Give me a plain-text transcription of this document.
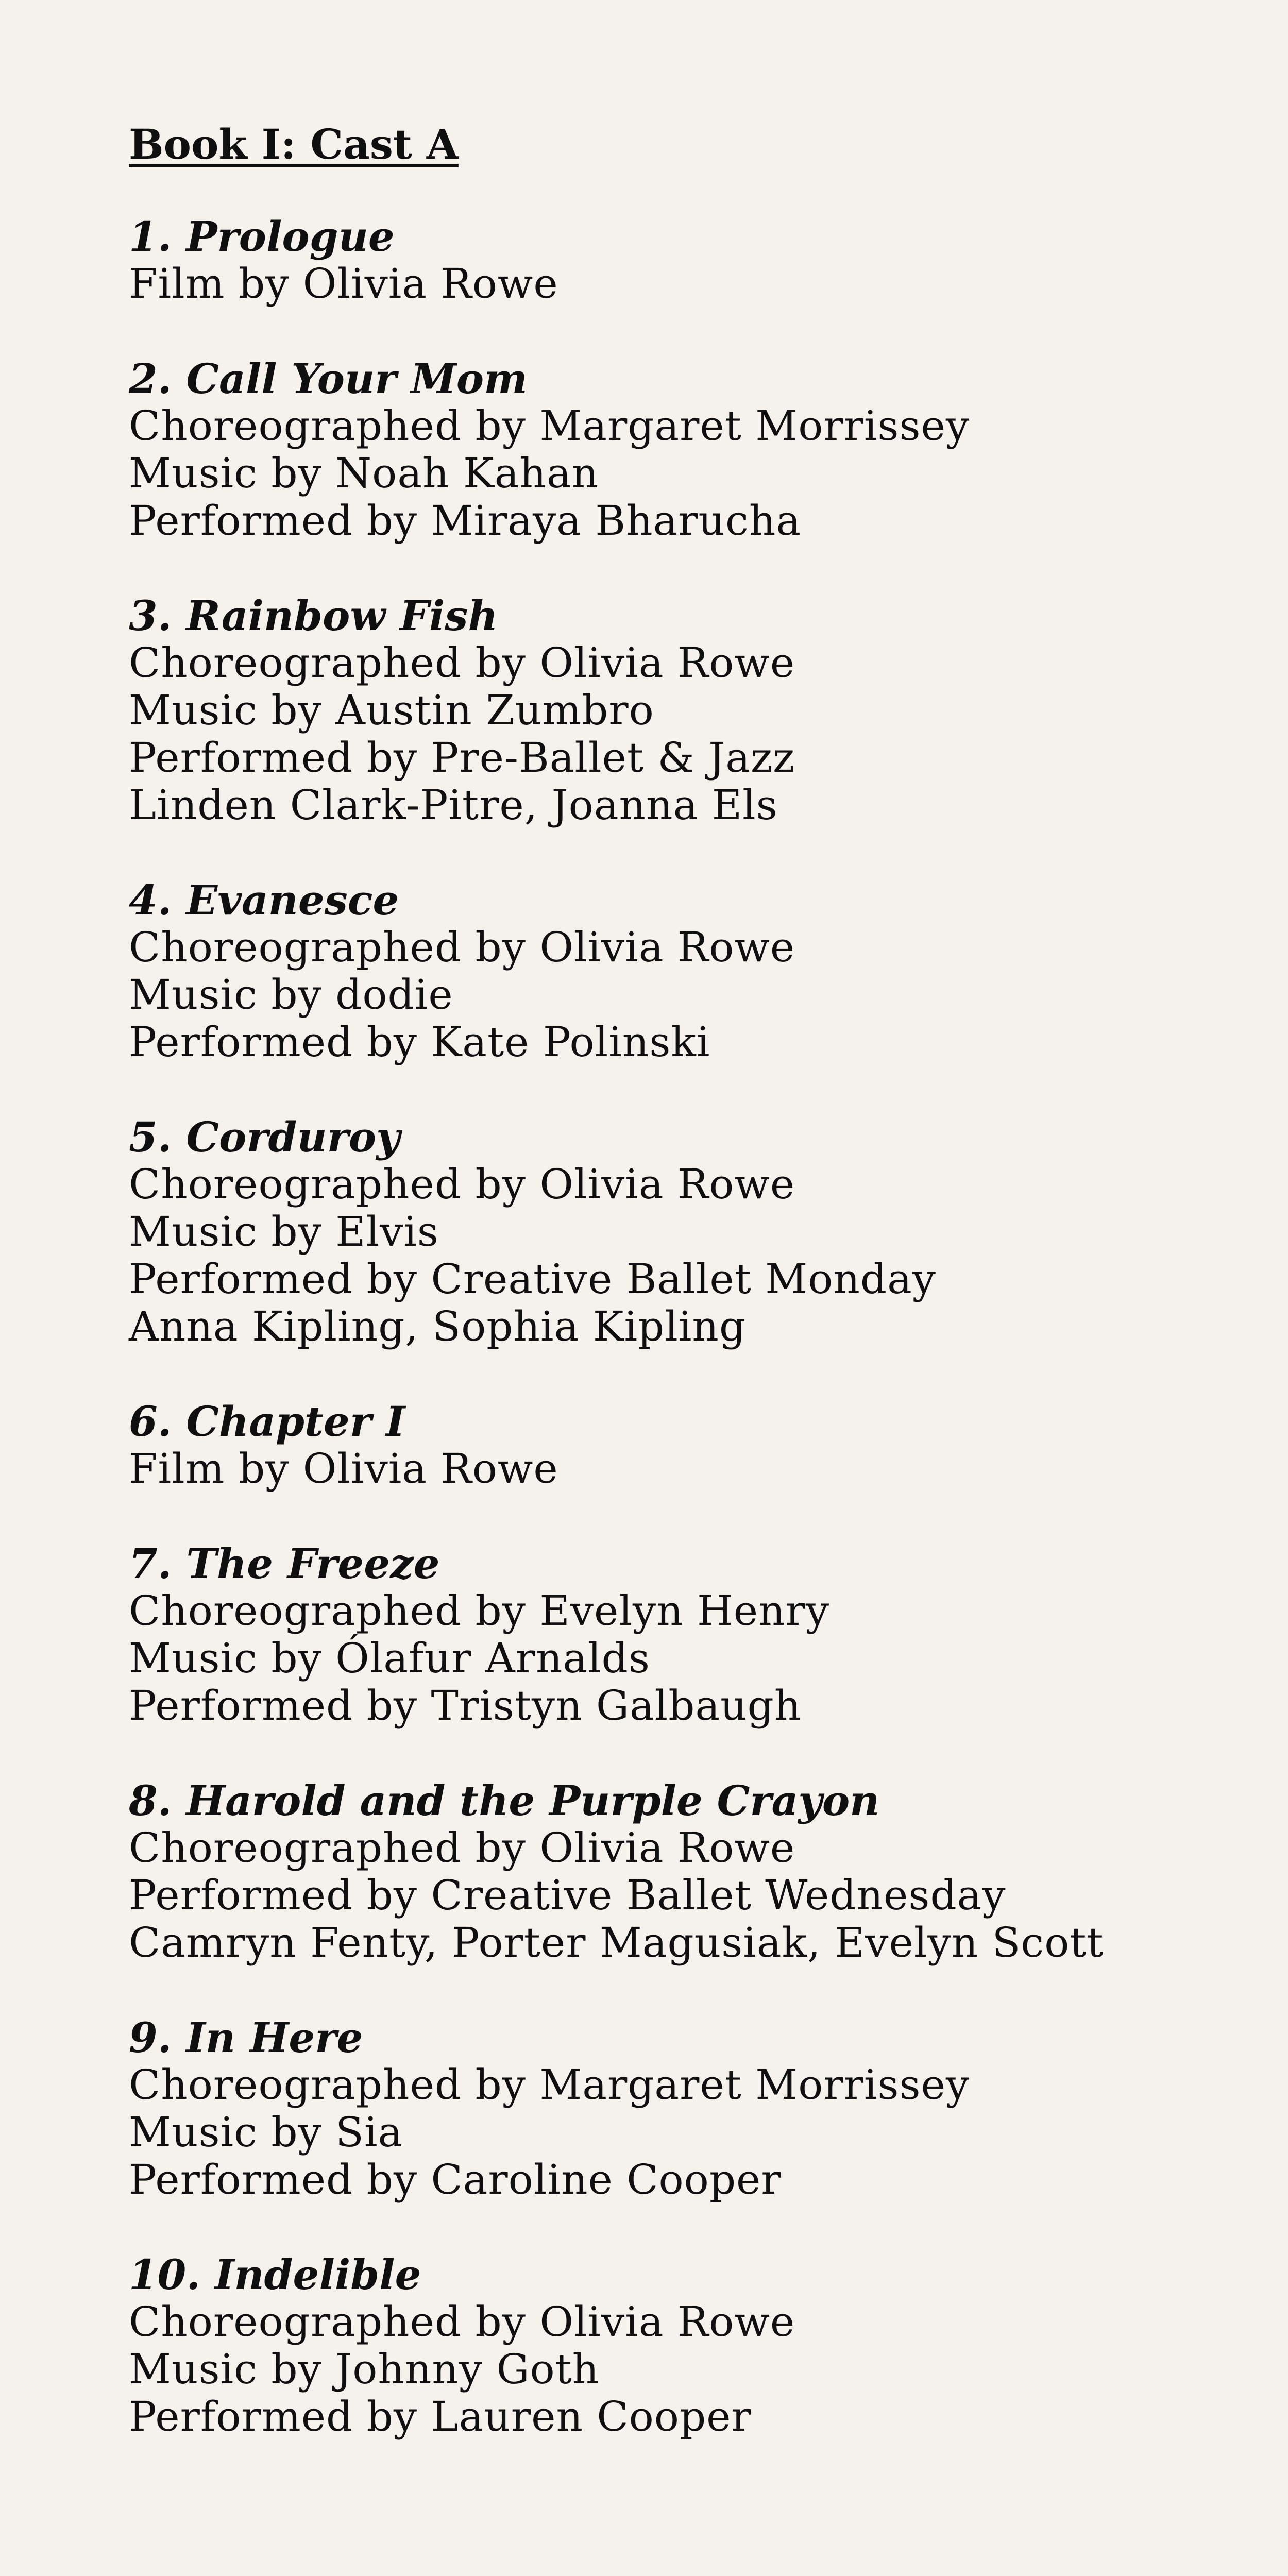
Book I: Cast A
1. Prologue
Film by Olivia Rowe
2. Call Your Mom
Choreographed by Margaret Morrissey
Music by Noah Kahan
Performed by Miraya Bharucha
3. Rainbow Fish
Choreographed by Olivia Rowe
Music by Austin Zumbro
Performed by Pre-Ballet & Jazz
Linden Clark-Pitre, Joanna Els
4. Evanesce
Choreographed by Olivia Rowe
Music by dodie
Performed by Kate Polinski
5. Corduroy
Choreographed by Olivia Rowe
Music by Elvis
Performed by Creative Ballet Monday
Anna Kipling, Sophia Kipling
6. Chapter I
Film by Olivia Rowe
7. The Freeze
Choreographed by Evelyn Henry
Music by Ólafur Arnalds
Performed by Tristyn Galbaugh
8. Harold and the Purple Crayon
Choreographed by Olivia Rowe
Performed by Creative Ballet Wednesday
Camryn Fenty, Porter Magusiak, Evelyn Scott
9. In Here
Choreographed by Margaret Morrissey
Music by Sia
Performed by Caroline Cooper
10. Indelible
Choreographed by Olivia Rowe
Music by Johnny Goth
Performed by Lauren Cooper
